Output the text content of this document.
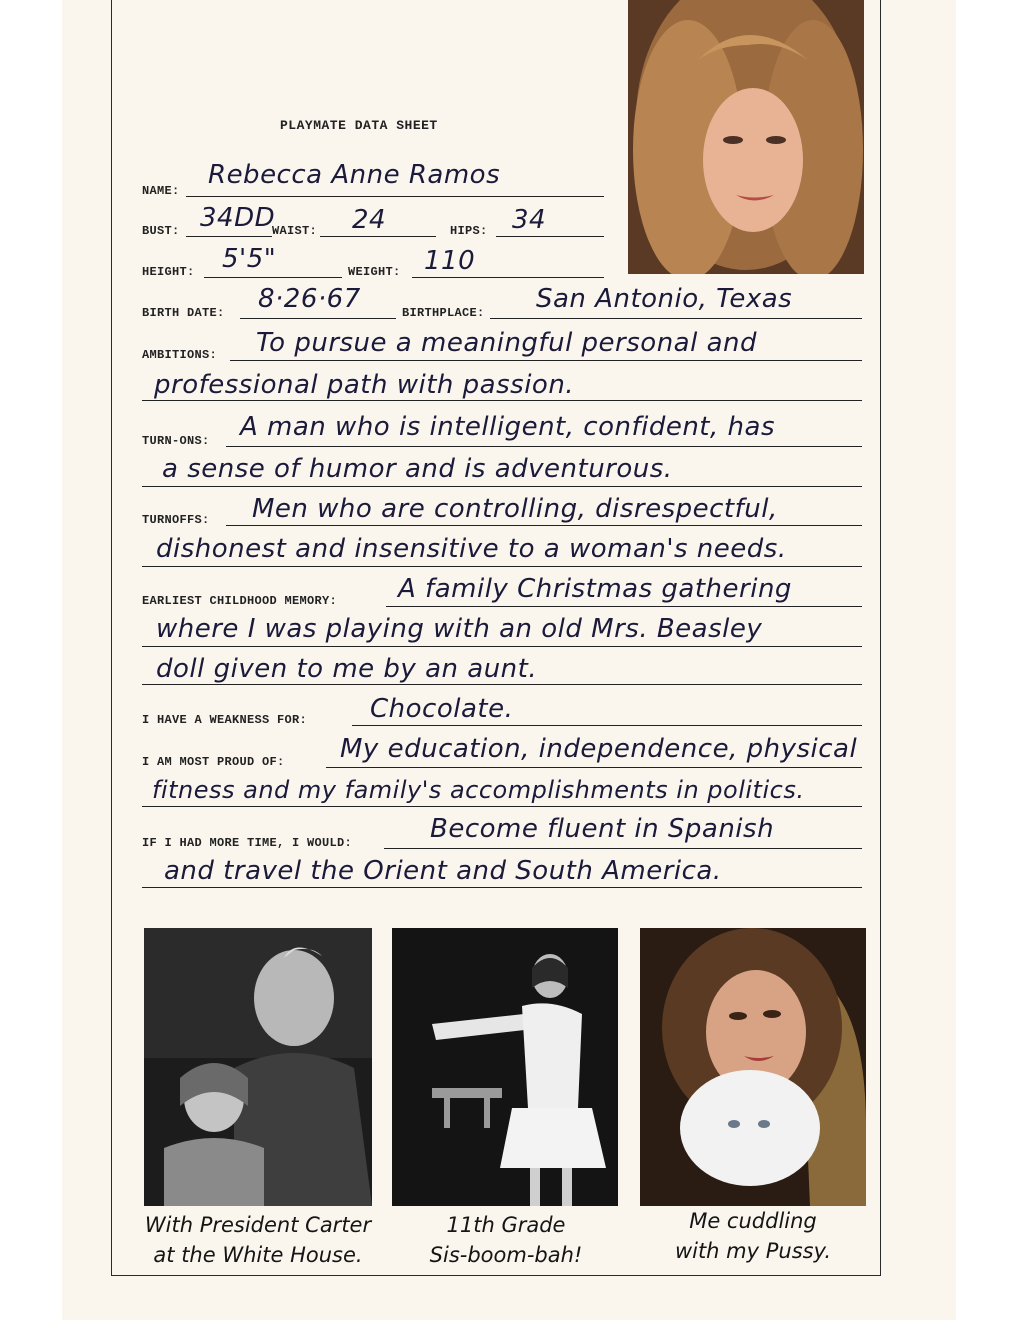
PLAYMATE DATA SHEET
NAME:
Rebecca Anne Ramos
BUST: 34DD
WAIST: 24	HIPS: 34
HEIGHT: 5'5"	WEIGHT: 110
BIRTH DATE: 8·26·67	BIRTHPLACE: San Antonio, Texas
AMBITIONS: To pursue a meaningful personal and
professional path with passion.
TURN-ONS: A man who is intelligent, confident, has
a sense of humor and is adventurous.
TURNOFFS: Men who are controlling, disrespectful,
dishonest and insensitive to a woman's needs.
EARLIEST CHILDHOOD MEMORY: A family Christmas gathering
where I was playing with an old Mrs. Beasley
doll given to me by an aunt.
I HAVE A WEAKNESS FOR: Chocolate.
I AM MOST PROUD OF: My education, independence, physical
fitness and my family's accomplishments in politics.
IF I HAD MORE TIME, I WOULD:	Become fluent in Spanish
and travel the Orient and South America.
With President Carter
at the White House.
11th Grade
Sis-boom-bah!
Me cuddling
with my Pussy.
